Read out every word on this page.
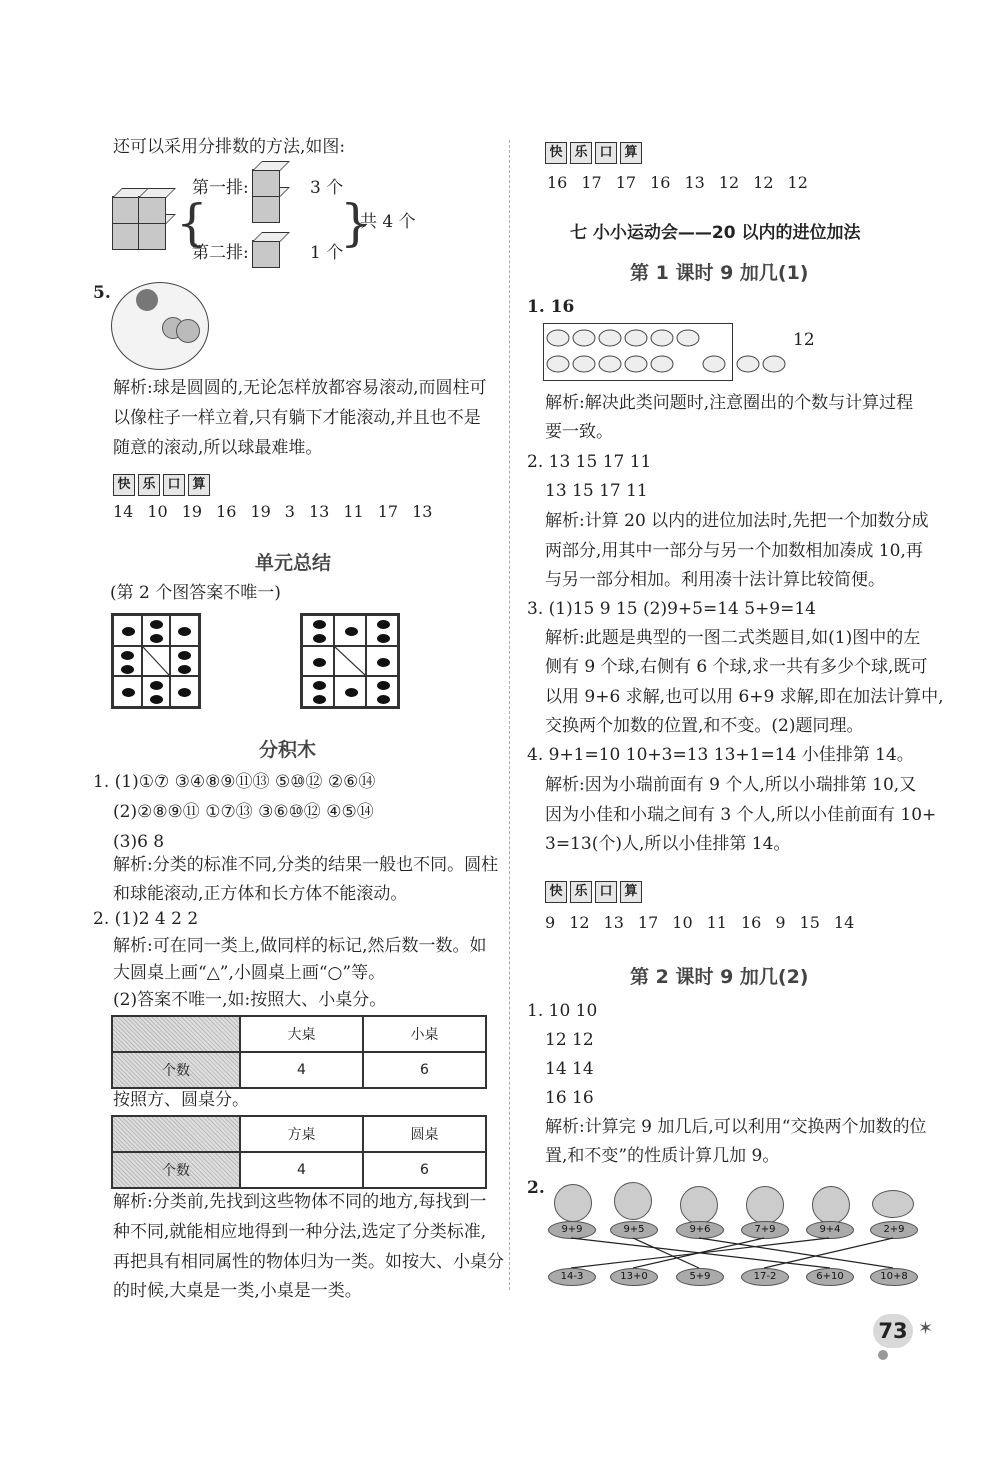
还可以采用分排数的方法,如图:
{
第一排:	3 个
第二排:	1 个
}
共 4 个
5.
解析:球是圆圆的,无论怎样放都容易滚动,而圆柱可
以像柱子一样立着,只有躺下才能滚动,并且也不是
随意的滚动,所以球最难堆。
快 乐 口 算
14 10 19 16 19 3 13 11 17 13
单元总结
(第 2 个图答案不唯一)
分积木
1. (1)①⑦ ③④⑧⑨⑪⑬ ⑤⑩⑫ ②⑥⑭
(2)②⑧⑨⑪ ①⑦⑬ ③⑥⑩⑫ ④⑤⑭
(3)6 8
解析:分类的标准不同,分类的结果一般也不同。圆柱
和球能滚动,正方体和长方体不能滚动。
2. (1)2 4 2 2
解析:可在同一类上,做同样的标记,然后数一数。如
大圆桌上画“△”,小圆桌上画“○”等。
(2)答案不唯一,如:按照大、小桌分。
	大桌	小桌
个数	4	6
按照方、圆桌分。
	方桌	圆桌
个数	4	6
解析:分类前,先找到这些物体不同的地方,每找到一
种不同,就能相应地得到一种分法,选定了分类标准,
再把具有相同属性的物体归为一类。如按大、小桌分
的时候,大桌是一类,小桌是一类。
快 乐 口 算
16 17 17 16 13 12 12 12
七 小小运动会——20 以内的进位加法
第 1 课时 9 加几(1)
1. 16
12
解析:解决此类问题时,注意圈出的个数与计算过程
要一致。
2. 13 15 17 11
13 15 17 11
解析:计算 20 以内的进位加法时,先把一个加数分成
两部分,用其中一部分与另一个加数相加凑成 10,再
与另一部分相加。利用凑十法计算比较简便。
3. (1)15 9 15 (2)9+5=14 5+9=14
解析:此题是典型的一图二式类题目,如(1)图中的左
侧有 9 个球,右侧有 6 个球,求一共有多少个球,既可
以用 9+6 求解,也可以用 6+9 求解,即在加法计算中,
交换两个加数的位置,和不变。(2)题同理。
4. 9+1=10 10+3=13 13+1=14 小佳排第 14。
解析:因为小瑞前面有 9 个人,所以小瑞排第 10,又
因为小佳和小瑞之间有 3 个人,所以小佳前面有 10+
3=13(个)人,所以小佳排第 14。
快 乐 口 算
9 12 13 17 10 11 16 9 15 14
第 2 课时 9 加几(2)
1. 10 10
12 12
14 14
16 16
解析:计算完 9 加几后,可以利用“交换两个加数的位
置,和不变”的性质计算几加 9。
2.
9+9	9+5	9+6	7+9	9+4	2+9
14-3	13+0	5+9	17-2	6+10	10+8
73 ✶
